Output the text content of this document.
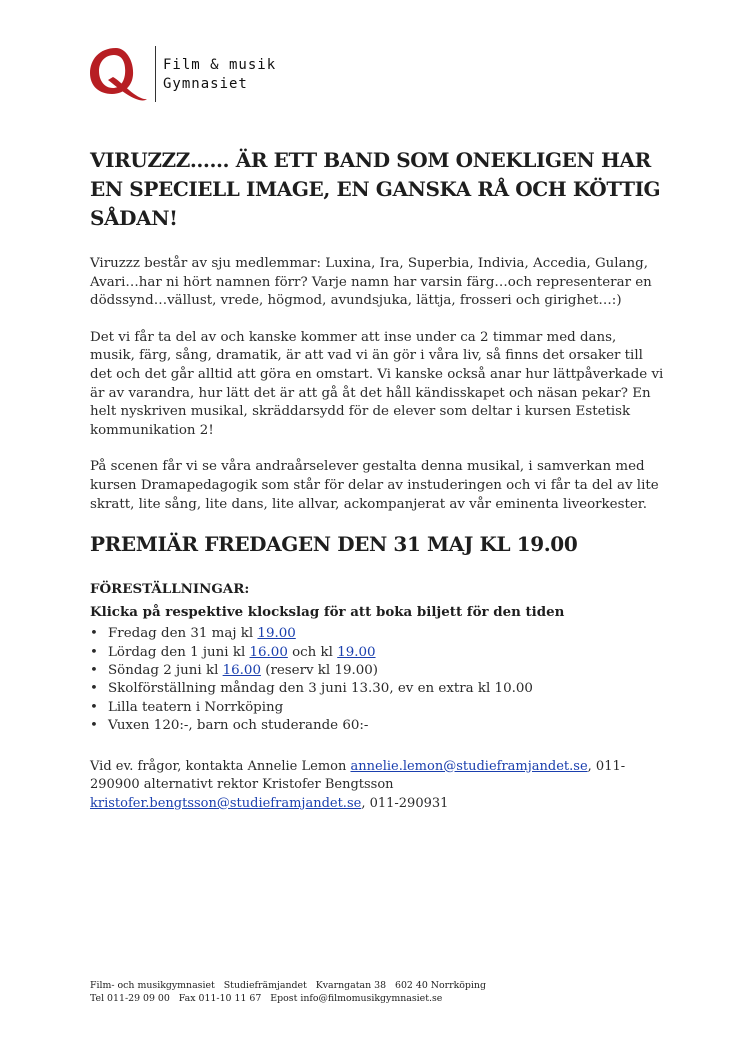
Film & musik
Gymnasiet
VIRUZZZ…… ÄR ETT BAND SOM ONEKLIGEN HAR EN SPECIELL IMAGE, EN GANSKA RÅ OCH KÖTTIG SÅDAN!

Viruzzz består av sju medlemmar: Luxina, Ira, Superbia, Indivia, Accedia, Gulang, Avari…har ni hört namnen förr? Varje namn har varsin färg…och representerar en dödssynd…vällust, vrede, högmod, avundsjuka, lättja, frosseri och girighet…:)

Det vi får ta del av och kanske kommer att inse under ca 2 timmar med dans, musik, färg, sång, dramatik, är att vad vi än gör i våra liv, så finns det orsaker till det och det går alltid att göra en omstart. Vi kanske också anar hur lättpåverkade vi är av varandra, hur lätt det är att gå åt det håll kändisskapet och näsan pekar? En helt nyskriven musikal, skräddarsydd för de elever som deltar i kursen Estetisk kommunikation 2!

På scenen får vi se våra andraårselever gestalta denna musikal, i samverkan med kursen Dramapedagogik som står för delar av instuderingen och vi får ta del av lite skratt, lite sång, lite dans, lite allvar, ackompanjerat av vår eminenta liveorkester.

PREMIÄR FREDAGEN DEN 31 MAJ KL 19.00
FÖRESTÄLLNINGAR:
Klicka på respektive klockslag för att boka biljett för den tiden
• Fredag den 31 maj kl 19.00
• Lördag den 1 juni kl 16.00 och kl 19.00
• Söndag 2 juni kl 16.00 (reserv kl 19.00)
• Skolförställning måndag den 3 juni 13.30, ev en extra kl 10.00
• Lilla teatern i Norrköping
• Vuxen 120:-, barn och studerande 60:-

Vid ev. frågor, kontakta Annelie Lemon annelie.lemon@studieframjandet.se, 011-290900 alternativt rektor Kristofer Bengtsson kristofer.bengtsson@studieframjandet.se, 011-290931

Film- och musikgymnasiet   Studiefrämjandet   Kvarngatan 38   602 40 Norrköping
Tel 011-29 09 00   Fax 011-10 11 67   Epost info@filmomusikgymnasiet.se
